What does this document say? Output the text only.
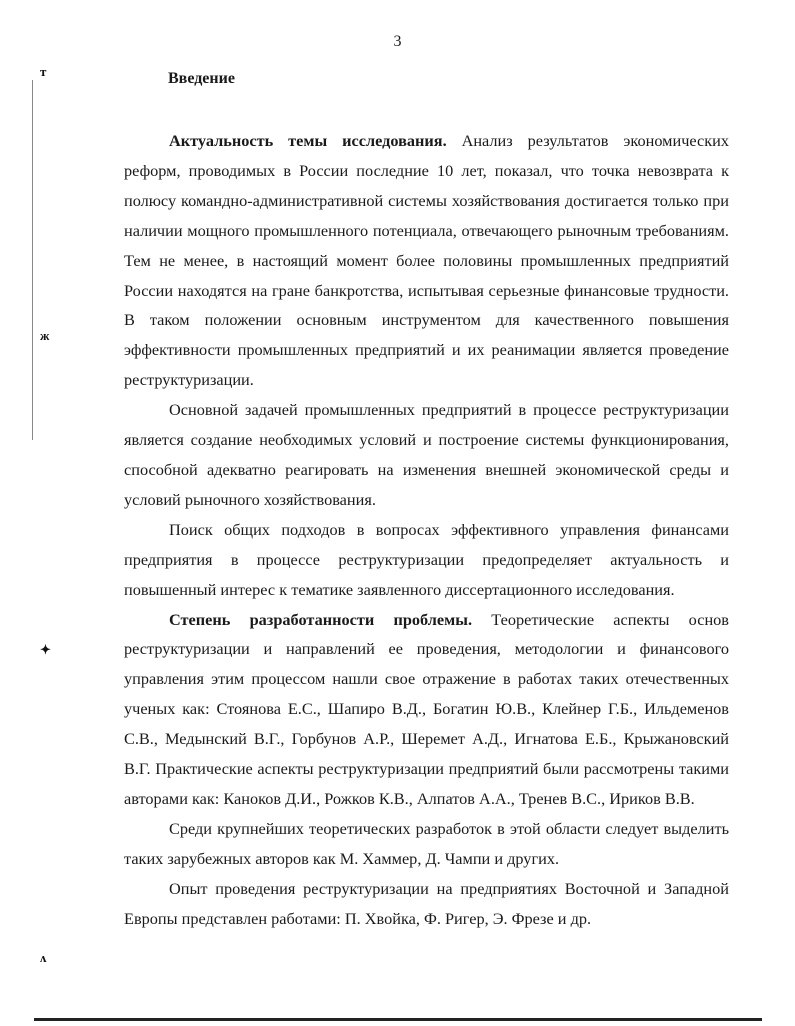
3
т
ж
✦
ʌ
Введение

Актуальность темы исследования. Анализ результатов экономических реформ, проводимых в России последние 10 лет, показал, что точка невозврата к полюсу командно-административной системы хозяйствования достигается только при наличии мощного промышленного потенциала, отвечающего рыночным требованиям. Тем не менее, в настоящий момент более половины промышленных предприятий России находятся на гране банкротства, испытывая серьезные финансовые трудности. В таком положении основным инструментом для качественного повышения эффективности промышленных предприятий и их реанимации является проведение реструктуризации.

Основной задачей промышленных предприятий в процессе реструктуризации является создание необходимых условий и построение системы функционирования, способной адекватно реагировать на изменения внешней экономической среды и условий рыночного хозяйствования.

Поиск общих подходов в вопросах эффективного управления финансами предприятия в процессе реструктуризации предопределяет актуальность и повышенный интерес к тематике заявленного диссертационного исследования.

Степень разработанности проблемы. Теоретические аспекты основ реструктуризации и направлений ее проведения, методологии и финансового управления этим процессом нашли свое отражение в работах таких отечественных ученых как: Стоянова Е.С., Шапиро В.Д., Богатин Ю.В., Клейнер Г.Б., Ильдеменов С.В., Медынский В.Г., Горбунов А.Р., Шеремет А.Д., Игнатова Е.Б., Крыжановский В.Г. Практические аспекты реструктуризации предприятий были рассмотрены такими авторами как: Каноков Д.И., Рожков К.В., Алпатов А.А., Тренев В.С., Ириков В.В.

Среди крупнейших теоретических разработок в этой области следует выделить таких зарубежных авторов как М. Хаммер, Д. Чампи и других.

Опыт проведения реструктуризации на предприятиях Восточной и Западной Европы представлен работами: П. Хвойка, Ф. Ригер, Э. Фрезе и др.
